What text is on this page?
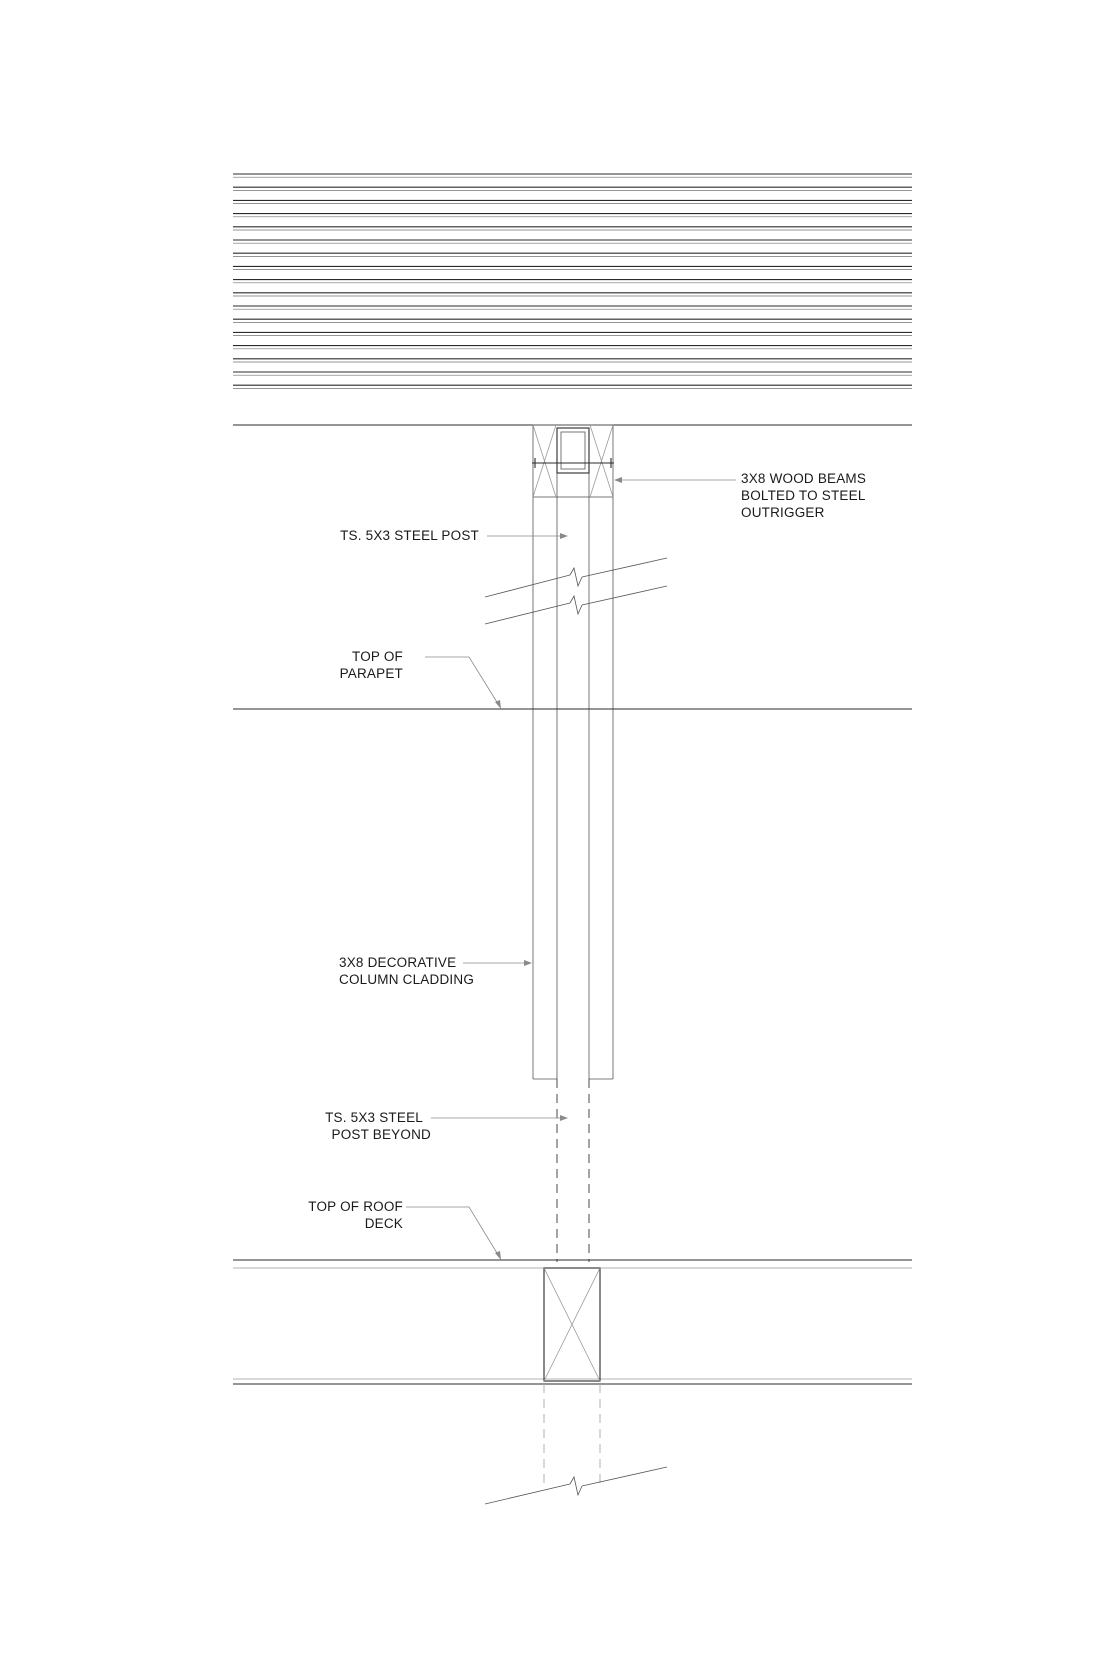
3X8 WOOD BEAMS
BOLTED TO STEEL
OUTRIGGER
TS. 5X3 STEEL POST
TOP OF
PARAPET
3X8 DECORATIVE
COLUMN CLADDING
TS. 5X3 STEEL
POST BEYOND
TOP OF ROOF
DECK
